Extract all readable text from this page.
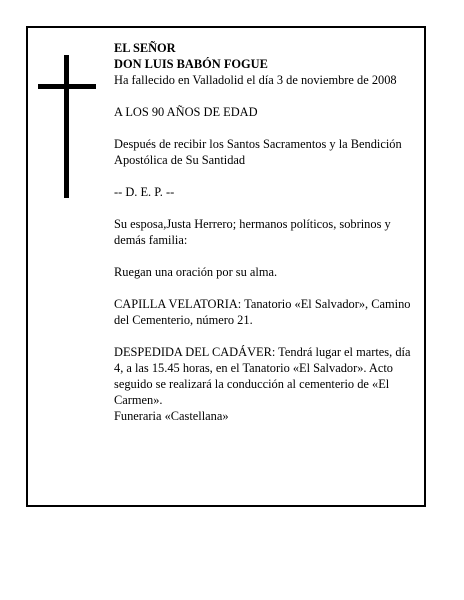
EL SEÑOR

DON LUIS BABÓN FOGUE

Ha fallecido en Valladolid el día 3 de noviembre de 2008

A LOS 90 AÑOS DE EDAD

Después de recibir los Santos Sacramentos y la Bendición Apostólica de Su Santidad

-- D. E. P. --

Su esposa,Justa Herrero; hermanos políticos, sobrinos y demás familia:

Ruegan una oración por su alma.

CAPILLA VELATORIA: Tanatorio «El Salvador», Camino del Cementerio, número 21.

DESPEDIDA DEL CADÁVER: Tendrá lugar el martes, día 4, a las 15.45 horas, en el Tanatorio «El Salvador». Acto seguido se realizará la conducción al cementerio de «El Carmen».

Funeraria «Castellana»
